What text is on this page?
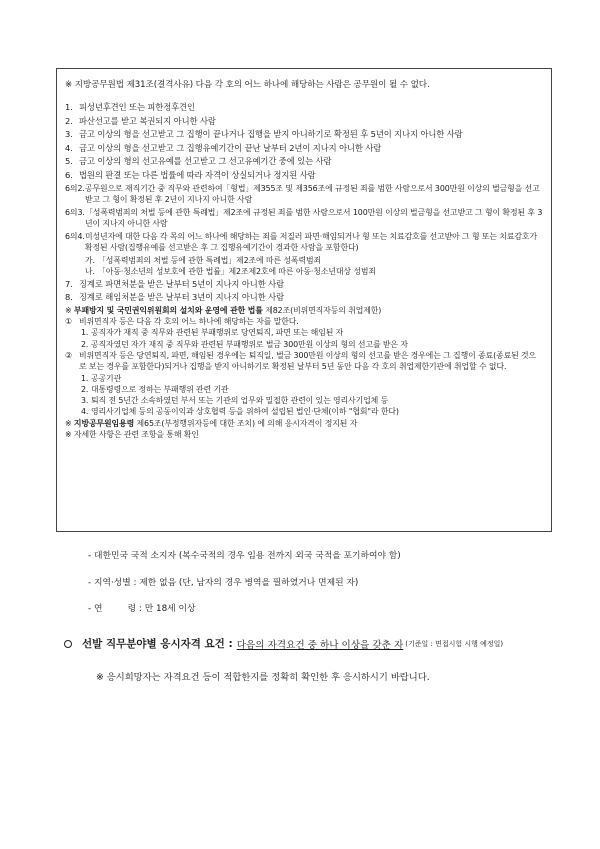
※ 지방공무원법 제31조(결격사유) 다음 각 호의 어느 하나에 해당하는 사람은 공무원이 될 수 없다.

1. 피성년후견인 또는 피한정후견인
2. 파산선고를 받고 복권되지 아니한 사람
3. 금고 이상의 형을 선고받고 그 집행이 끝나거나 집행을 받지 아니하기로 확정된 후 5년이 지나지 아니한 사람
4. 금고 이상의 형을 선고받고 그 집행유예기간이 끝난 날부터 2년이 지나지 아니한 사람
5. 금고 이상의 형의 선고유예를 선고받고 그 선고유예기간 중에 있는 사람
6. 법원의 판결 또는 다른 법률에 따라 자격이 상실되거나 정지된 사람
6의2. 공무원으로 재직기간 중 직무와 관련하여「형법」제355조 및 제356조에 규정된 죄를 범한 사람으로서 300만원 이상의 벌금형을 선고받고 그 형이 확정된 후 2년이 지나지 아니한 사람
6의3. 「성폭력범죄의 처벌 등에 관한 특례법」제2조에 규정된 죄를 범한 사람으로서 100만원 이상의 벌금형을 선고받고 그 형이 확정된 후 3년이 지나지 아니한 사람
6의4. 미성년자에 대한 다음 각 목의 어느 하나에 해당하는 죄를 저질러 파면·해임되거나 형 또는 치료감호를 선고받아 그 형 또는 치료감호가 확정된 사람(집행유예를 선고받은 후 그 집행유예기간이 경과한 사람을 포함한다)
가. 「성폭력범죄의 처벌 등에 관한 특례법」제2조에 따른 성폭력범죄
나. 「아동·청소년의 성보호에 관한 법률」제2조제2호에 따른 아동·청소년대상 성범죄
7. 징계로 파면처분을 받은 날부터 5년이 지나지 아니한 사람
8. 징계로 해임처분을 받은 날부터 3년이 지나지 아니한 사람

※ 부패방지 및 국민권익위원회의 설치와 운영에 관한 법률 제82조(비위면직자등의 취업제한)

① 비위면직자 등은 다음 각 호의 어느 하나에 해당하는 자를 말한다.
1. 공직자가 재직 중 직무와 관련된 부패행위로 당연퇴직, 파면 또는 해임된 자
2. 공직자였던 자가 재직 중 직무와 관련된 부패행위로 벌금 300만원 이상의 형의 선고를 받은 자
② 비위면직자 등은 당연퇴직, 파면, 해임된 경우에는 퇴직일, 벌금 300만원 이상의 형의 선고를 받은 경우에는 그 집행이 종료(종료된 것으로 보는 경우를 포함한다)되거나 집행을 받지 아니하기로 확정된 날부터 5년 동안 다음 각 호의 취업제한기관에 취업할 수 없다.
1. 공공기관
2. 대통령령으로 정하는 부패행위 관련 기관
3. 퇴직 전 5년간 소속하였던 부서 또는 기관의 업무와 밀접한 관련이 있는 영리사기업체 등
4. 영리사기업체 등의 공동이익과 상호협력 등을 위하여 설립된 법인·단체(이하 "협회"라 한다)

※ 지방공무원임용령 제65조(부정행위자등에 대한 조치) 에 의해 응시자격이 정지된 자

※ 자세한 사항은 관련 조항을 통해 확인

- 대한민국 국적 소지자 (복수국적의 경우 임용 전까지 외국 국적을 포기하여야 함)
- 지역·성별 : 제한 없음 (단, 남자의 경우 병역을 필하였거나 면제된 자)
- 연         령 : 만 18세 이상
선발 직무분야별 응시자격 요건 : 다음의 자격요건 중 하나 이상을 갖춘 자 (기준일 : 면접시험 시행 예정일)
※ 응시희망자는 자격요건 등이 적합한지를 정확히 확인한 후 응시하시기 바랍니다.
